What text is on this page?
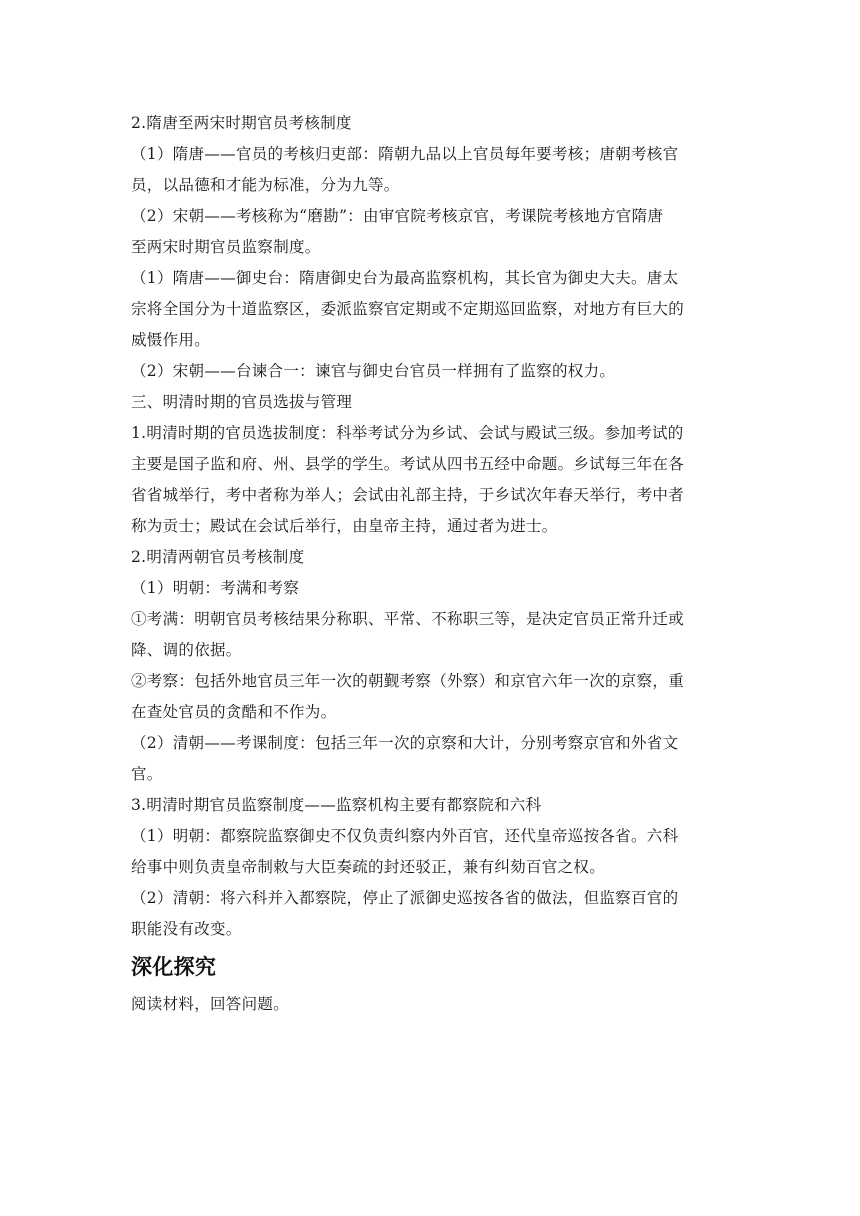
2.隋唐至两宋时期官员考核制度
（1）隋唐——官员的考核归吏部：隋朝九品以上官员每年要考核；唐朝考核官
员，以品德和才能为标准，分为九等。
（2）宋朝——考核称为“磨勘”：由审官院考核京官，考课院考核地方官隋唐
至两宋时期官员监察制度。
（1）隋唐——御史台：隋唐御史台为最高监察机构，其长官为御史大夫。唐太
宗将全国分为十道监察区，委派监察官定期或不定期巡回监察，对地方有巨大的
威慑作用。
（2）宋朝——台谏合一：谏官与御史台官员一样拥有了监察的权力。
三、明清时期的官员选拔与管理
1.明清时期的官员选拔制度：科举考试分为乡试、会试与殿试三级。参加考试的
主要是国子监和府、州、县学的学生。考试从四书五经中命题。乡试每三年在各
省省城举行，考中者称为举人；会试由礼部主持，于乡试次年春天举行，考中者
称为贡士；殿试在会试后举行，由皇帝主持，通过者为进士。
2.明清两朝官员考核制度
（1）明朝：考满和考察
①考满：明朝官员考核结果分称职、平常、不称职三等，是决定官员正常升迁或
降、调的依据。
②考察：包括外地官员三年一次的朝觐考察（外察）和京官六年一次的京察，重
在查处官员的贪酷和不作为。
（2）清朝——考课制度：包括三年一次的京察和大计，分别考察京官和外省文
官。
3.明清时期官员监察制度——监察机构主要有都察院和六科
（1）明朝：都察院监察御史不仅负责纠察内外百官，还代皇帝巡按各省。六科
给事中则负责皇帝制敕与大臣奏疏的封还驳正，兼有纠劾百官之权。
（2）清朝：将六科并入都察院，停止了派御史巡按各省的做法，但监察百官的
职能没有改变。
深化探究
阅读材料，回答问题。
